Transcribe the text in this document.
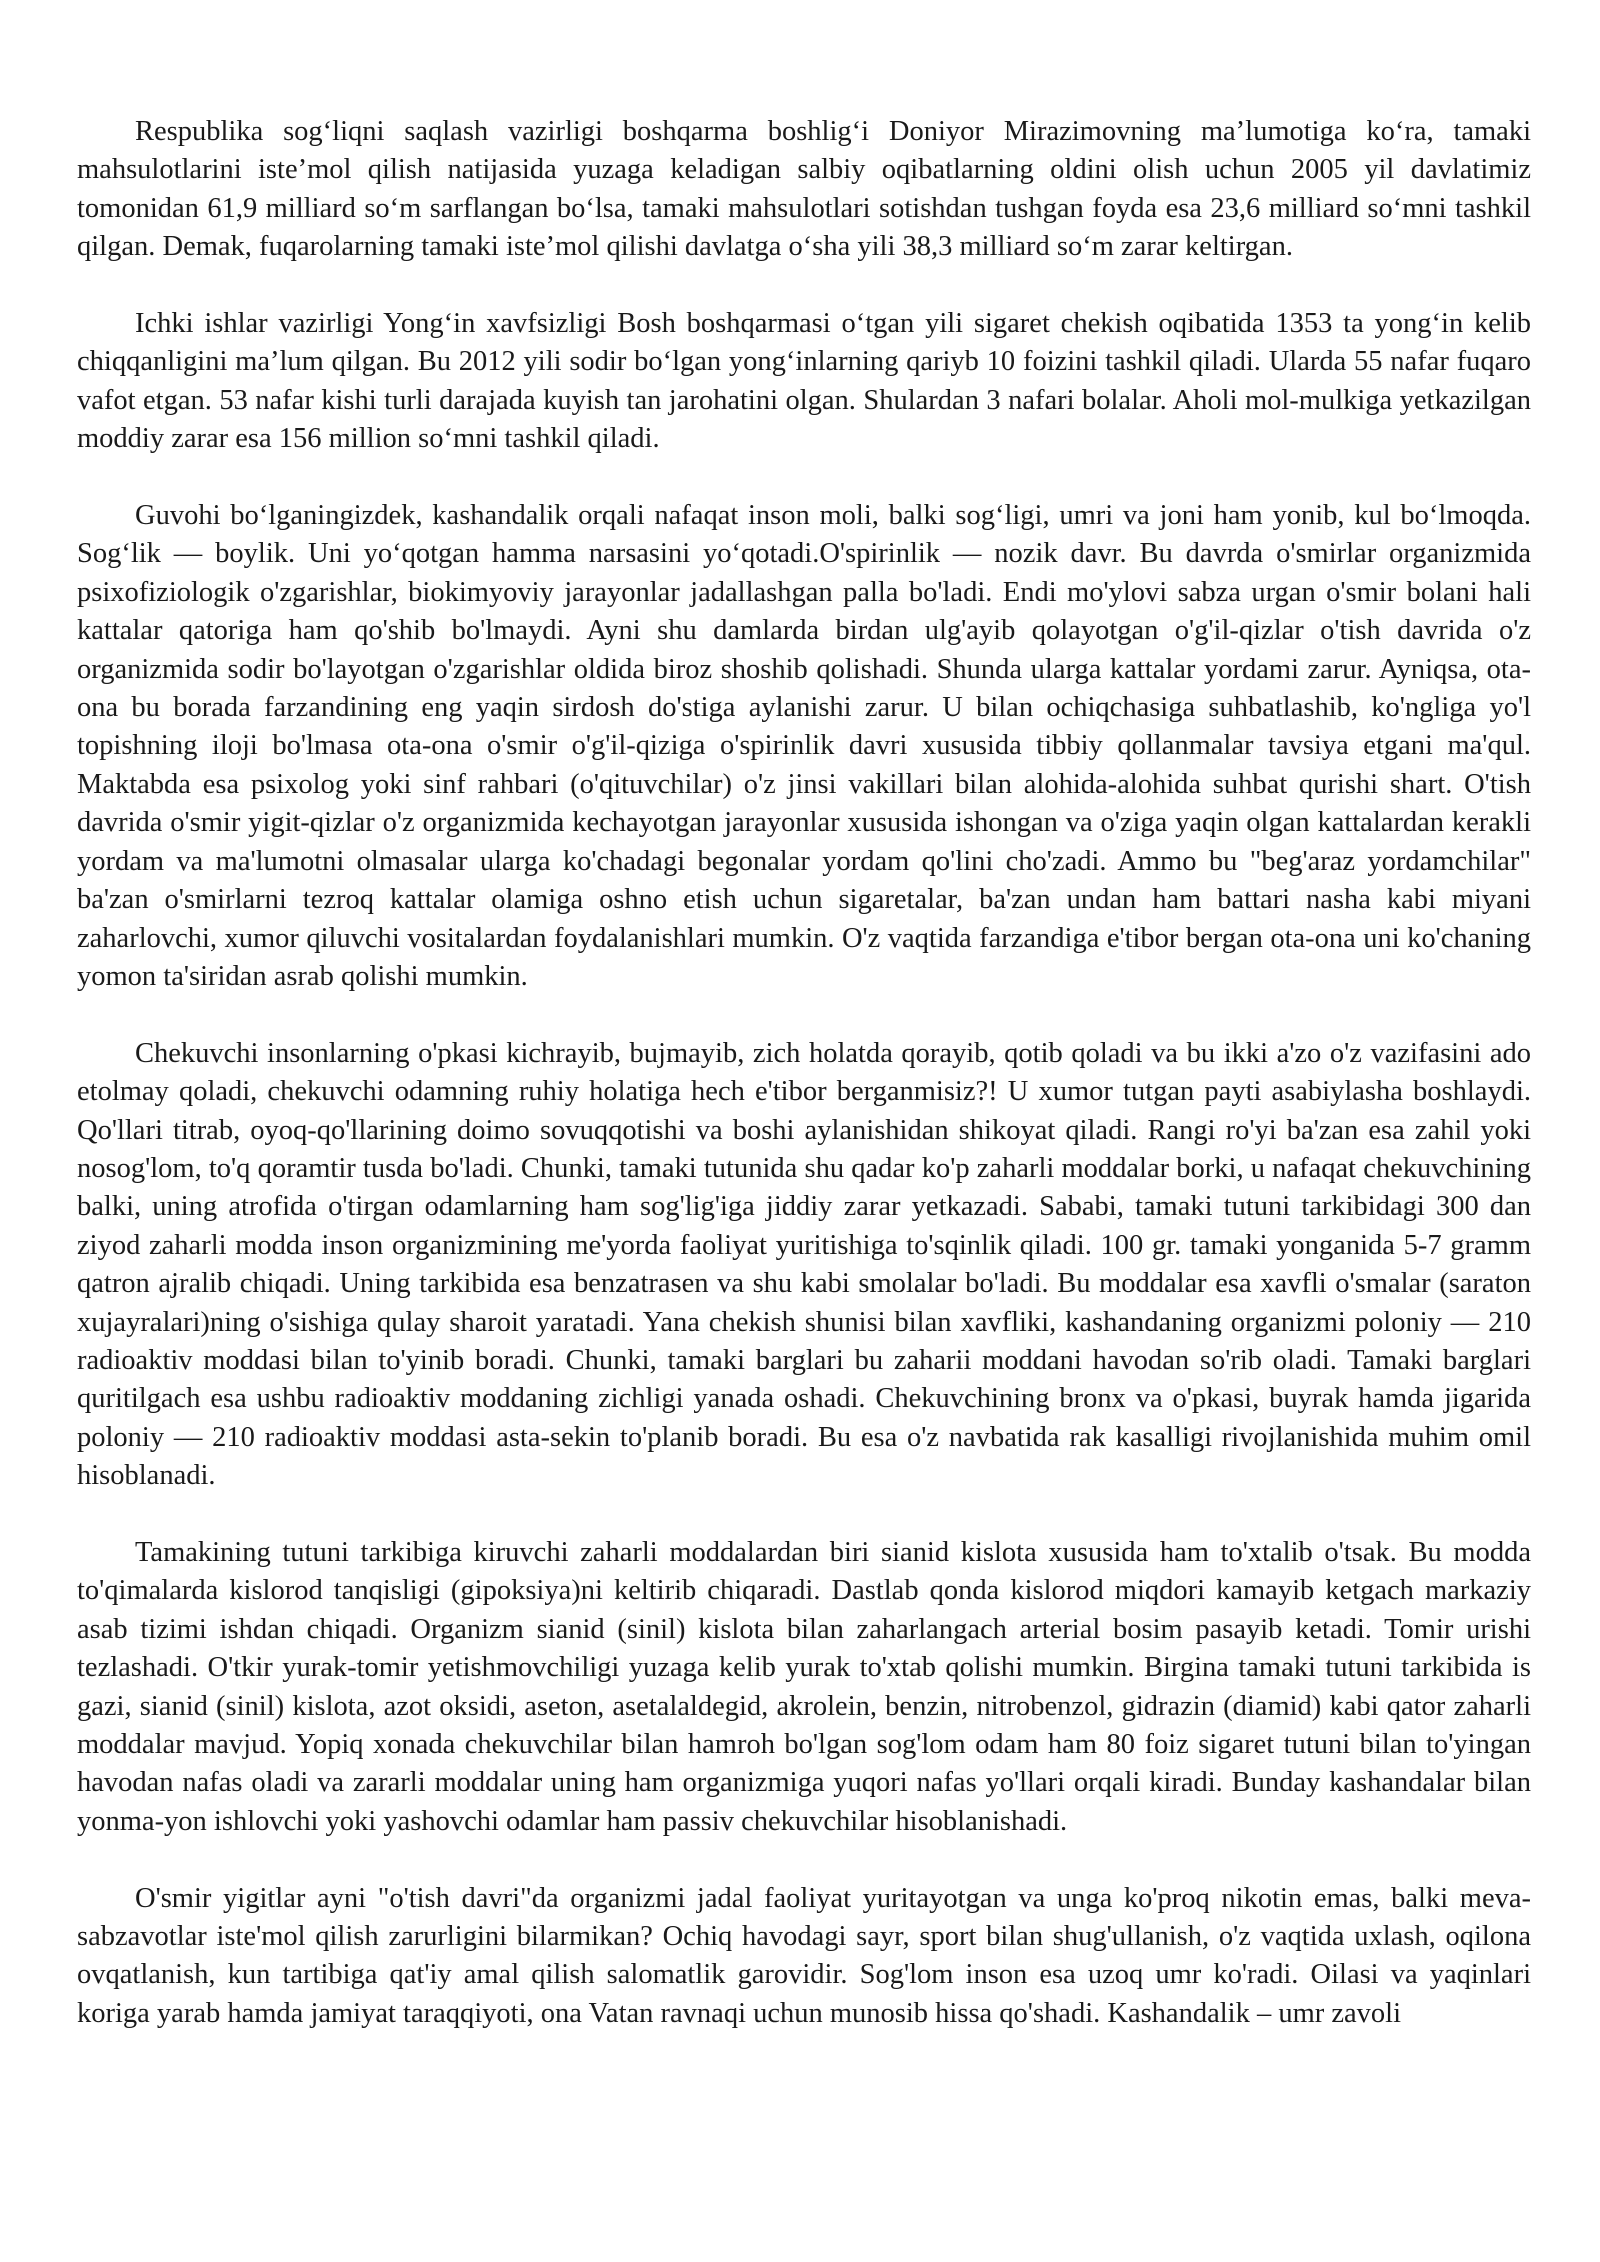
Respublika sog‘liqni saqlash vazirligi boshqarma boshlig‘i Doniyor Mirazimovning ma’lumotiga ko‘ra, tamaki mahsulotlarini iste’mol qilish natijasida yuzaga keladigan salbiy oqibatlarning oldini olish uchun 2005 yil davlatimiz tomonidan 61,9 milliard so‘m sarflangan bo‘lsa, tamaki mahsulotlari sotishdan tushgan foyda esa 23,6 milliard so‘mni tashkil qilgan. Demak, fuqarolarning tamaki iste’mol qilishi davlatga o‘sha yili 38,3 milliard so‘m zarar keltirgan.

Ichki ishlar vazirligi Yong‘in xavfsizligi Bosh boshqarmasi o‘tgan yili sigaret chekish oqibatida 1353 ta yong‘in kelib chiqqanligini ma’lum qilgan. Bu 2012 yili sodir bo‘lgan yong‘inlarning qariyb 10 foizini tashkil qiladi. Ularda 55 nafar fuqaro vafot etgan. 53 nafar kishi turli darajada kuyish tan jarohatini olgan. Shulardan 3 nafari bolalar. Aholi mol-mulkiga yetkazilgan moddiy zarar esa 156 million so‘mni tashkil qiladi.

Guvohi bo‘lganingizdek, kashandalik orqali nafaqat inson moli, balki sog‘ligi, umri va joni ham yonib, kul bo‘lmoqda. Sog‘lik — boylik. Uni yo‘qotgan hamma narsasini yo‘qotadi.O'spirinlik — nozik davr. Bu davrda o'smirlar organizmida psixofiziologik o'zgarishlar, biokimyoviy jarayonlar jadallashgan palla bo'ladi. Endi mo'ylovi sabza urgan o'smir bolani hali kattalar qatoriga ham qo'shib bo'lmaydi. Ayni shu damlarda birdan ulg'ayib qolayotgan o'g'il-qizlar o'tish davrida o'z organizmida sodir bo'layotgan o'zgarishlar oldida biroz shoshib qolishadi. Shunda ularga kattalar yordami zarur. Ayniqsa, ota-ona bu borada farzandining eng yaqin sirdosh do'stiga aylanishi zarur. U bilan ochiqchasiga suhbatlashib, ko'ngliga yo'l topishning iloji bo'lmasa ota-ona o'smir o'g'il-qiziga o'spirinlik davri xususida tibbiy qollanmalar tavsiya etgani ma'qul. Maktabda esa psixolog yoki sinf rahbari (o'qituvchilar) o'z jinsi vakillari bilan alohida-alohida suhbat qurishi shart. O'tish davrida o'smir yigit-qizlar o'z organizmida kechayotgan jarayonlar xususida ishongan va o'ziga yaqin olgan kattalardan kerakli yordam va ma'lumotni olmasalar ularga ko'chadagi begonalar yordam qo'lini cho'zadi. Ammo bu "beg'araz yordamchilar" ba'zan o'smirlarni tezroq kattalar olamiga oshno etish uchun sigaretalar, ba'zan undan ham battari nasha kabi miyani zaharlovchi, xumor qiluvchi vositalardan foydalanishlari mumkin. O'z vaqtida farzandiga e'tibor bergan ota-ona uni ko'chaning yomon ta'siridan asrab qolishi mumkin.

Chekuvchi insonlarning o'pkasi kichrayib, bujmayib, zich holatda qorayib, qotib qoladi va bu ikki a'zo o'z vazifasini ado etolmay qoladi, chekuvchi odamning ruhiy holatiga hech e'tibor berganmisiz?! U xumor tutgan payti asabiylasha boshlaydi. Qo'llari titrab, oyoq-qo'llarining doimo sovuqqotishi va boshi aylanishidan shikoyat qiladi. Rangi ro'yi ba'zan esa zahil yoki nosog'lom, to'q qoramtir tusda bo'ladi. Chunki, tamaki tutunida shu qadar ko'p zaharli moddalar borki, u nafaqat chekuvchining balki, uning atrofida o'tirgan odamlarning ham sog'lig'iga jiddiy zarar yetkazadi. Sababi, tamaki tutuni tarkibidagi 300 dan ziyod zaharli modda inson organizmining me'yorda faoliyat yuritishiga to'sqinlik qiladi. 100 gr. tamaki yonganida 5-7 gramm qatron ajralib chiqadi. Uning tarkibida esa benzatrasen va shu kabi smolalar bo'ladi. Bu moddalar esa xavfli o'smalar (saraton xujayralari)ning o'sishiga qulay sharoit yaratadi. Yana chekish shunisi bilan xavfliki, kashandaning organizmi poloniy — 210 radioaktiv moddasi bilan to'yinib boradi. Chunki, tamaki barglari bu zaharii moddani havodan so'rib oladi. Tamaki barglari quritilgach esa ushbu radioaktiv moddaning zichligi yanada oshadi. Chekuvchining bronx va o'pkasi, buyrak hamda jigarida poloniy — 210 radioaktiv moddasi asta-sekin to'planib boradi. Bu esa o'z navbatida rak kasalligi rivojlanishida muhim omil hisoblanadi.

Tamakining tutuni tarkibiga kiruvchi zaharli moddalardan biri sianid kislota xususida ham to'xtalib o'tsak. Bu modda to'qimalarda kislorod tanqisligi (gipoksiya)ni keltirib chiqaradi. Dastlab qonda kislorod miqdori kamayib ketgach markaziy asab tizimi ishdan chiqadi. Organizm sianid (sinil) kislota bilan zaharlangach arterial bosim pasayib ketadi. Tomir urishi tezlashadi. O'tkir yurak-tomir yetishmovchiligi yuzaga kelib yurak to'xtab qolishi mumkin. Birgina tamaki tutuni tarkibida is gazi, sianid (sinil) kislota, azot oksidi, aseton, asetalaldegid, akrolein, benzin, nitrobenzol, gidrazin (diamid) kabi qator zaharli moddalar mavjud. Yopiq xonada chekuvchilar bilan hamroh bo'lgan sog'lom odam ham 80 foiz sigaret tutuni bilan to'yingan havodan nafas oladi va zararli moddalar uning ham organizmiga yuqori nafas yo'llari orqali kiradi. Bunday kashandalar bilan yonma-yon ishlovchi yoki yashovchi odamlar ham passiv chekuvchilar hisoblanishadi.

O'smir yigitlar ayni "o'tish davri"da organizmi jadal faoliyat yuritayotgan va unga ko'proq nikotin emas, balki meva-sabzavotlar iste'mol qilish zarurligini bilarmikan? Ochiq havodagi sayr, sport bilan shug'ullanish, o'z vaqtida uxlash, oqilona ovqatlanish, kun tartibiga qat'iy amal qilish salomatlik garovidir. Sog'lom inson esa uzoq umr ko'radi. Oilasi va yaqinlari koriga yarab hamda jamiyat taraqqiyoti, ona Vatan ravnaqi uchun munosib hissa qo'shadi. Kashandalik – umr zavoli
